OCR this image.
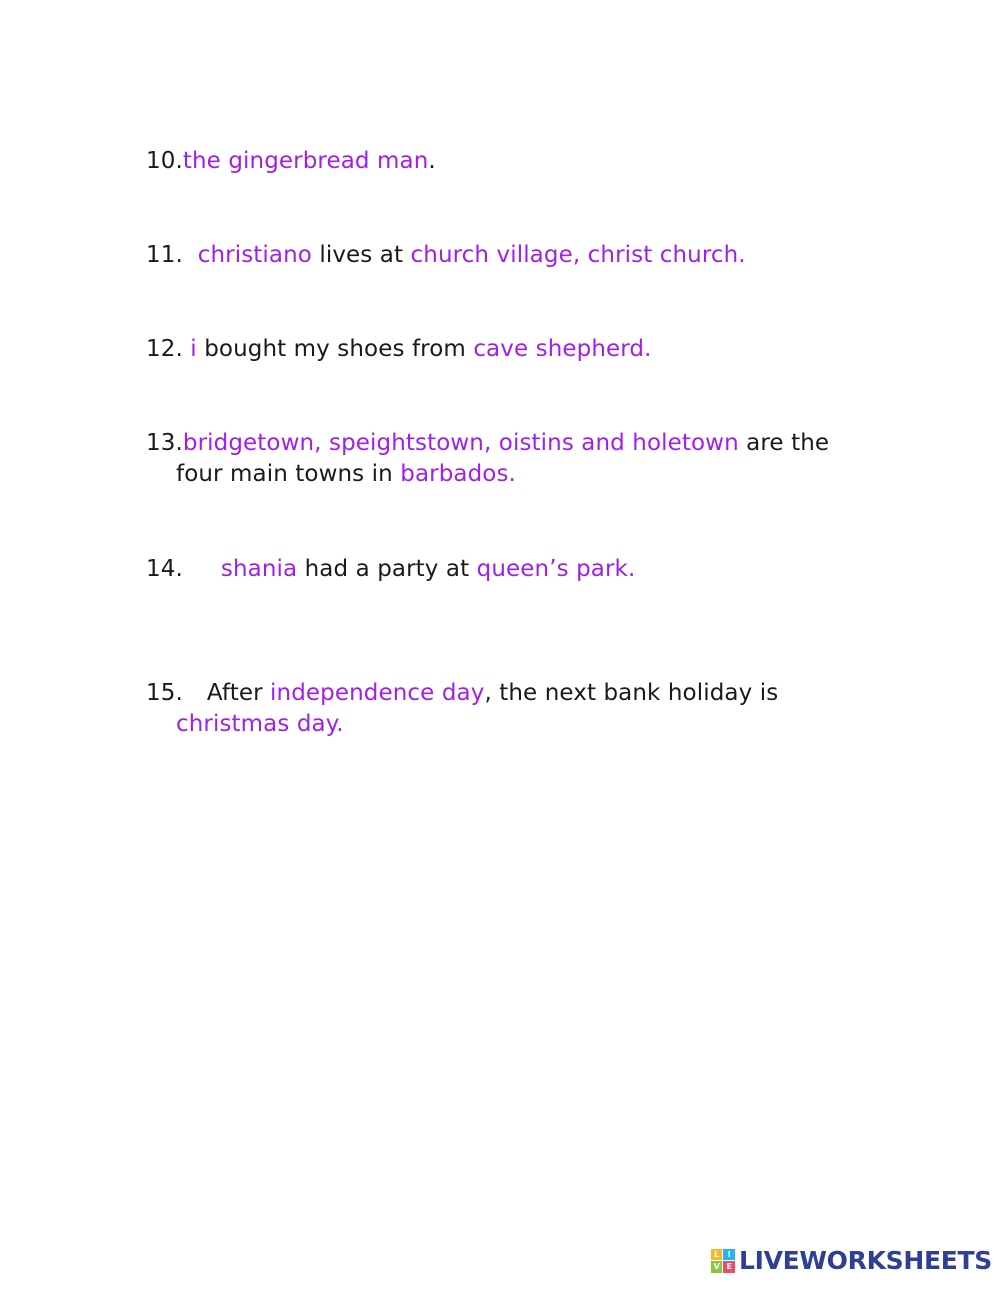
10.the gingerbread man.
11.  christiano lives at church village, christ church.
12. i bought my shoes from cave shepherd.
13.bridgetown, speightstown, oistins and holetown are the
four main towns in barbados.
14. shania had a party at queen’s park.
15. After independence day, the next bank holiday is
christmas day.
L	I
V E LIVEWORKSHEETS
